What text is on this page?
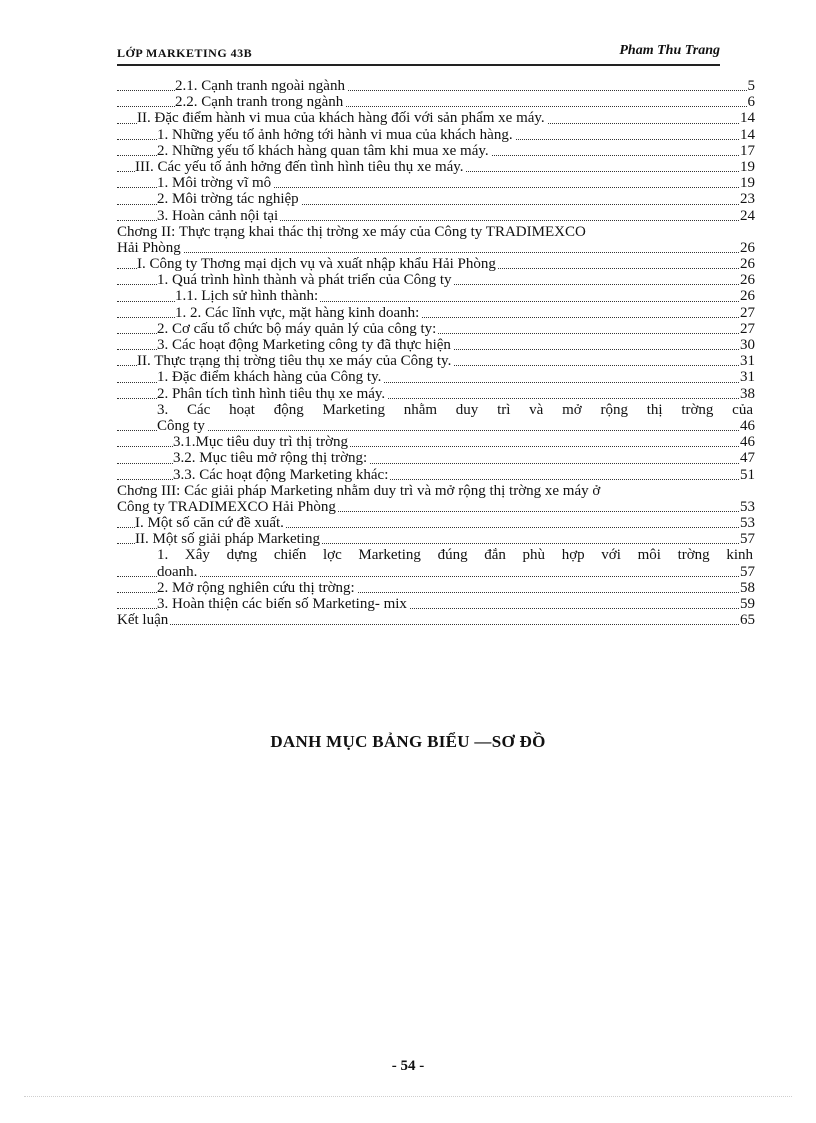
LỚP MARKETING 43B	Pham Thu Trang
2.1. Cạnh tranh ngoài ngành	5
2.2. Cạnh tranh trong ngành	6
II. Đặc điểm hành vi mua của khách hàng đối với sản phẩm xe máy.	14
1. Những yếu tố ảnh hởng tới hành vi mua của khách hàng.	14
2. Những yếu tố khách hàng quan tâm khi mua xe máy.	17
III. Các yếu tố ảnh hởng đến tình hình tiêu thụ xe máy.	19
1. Môi trờng vĩ mô	19
2. Môi trờng tác nghiệp	23
3. Hoàn cảnh nội tại	24
Chơng II: Thực trạng khai thác thị trờng xe máy của Công ty TRADIMEXCO
Hải Phòng	26
I. Công ty Thơng mại dịch vụ và xuất nhập khẩu Hải Phòng	26
1. Quá trình hình thành và phát triển của Công ty	26
1.1. Lịch sử hình thành:	26
1. 2. Các lĩnh vực, mặt hàng kinh doanh:	27
2. Cơ cấu tổ chức bộ máy quản lý của công ty:	27
3. Các hoạt động Marketing công ty đã thực hiện	30
II. Thực trạng thị trờng tiêu thụ xe máy của Công ty.	31
1. Đặc điểm khách hàng của Công ty.	31
2. Phân tích tình hình tiêu thụ xe máy.	38
3. Các hoạt động Marketing nhằm duy trì và mở rộng thị trờng của
Công ty	46
3.1.Mục tiêu duy trì thị trờng	46
3.2. Mục tiêu mở rộng thị trờng:	47
3.3. Các hoạt động Marketing khác:	51
Chơng III: Các giải pháp Marketing nhằm duy trì và mở rộng thị trờng xe máy ở
Công ty TRADIMEXCO Hải Phòng	53
I. Một số căn cứ đề xuất.	53
II. Một số giải pháp Marketing	57
1. Xây dựng chiến lợc Marketing đúng đắn phù hợp với môi trờng kinh
doanh.	57
2. Mở rộng nghiên cứu thị trờng:	58
3. Hoàn thiện các biến số Marketing- mix	59
Kết luận	65
DANH MỤC BẢNG BIỂU —SƠ ĐỒ
- 54 -
